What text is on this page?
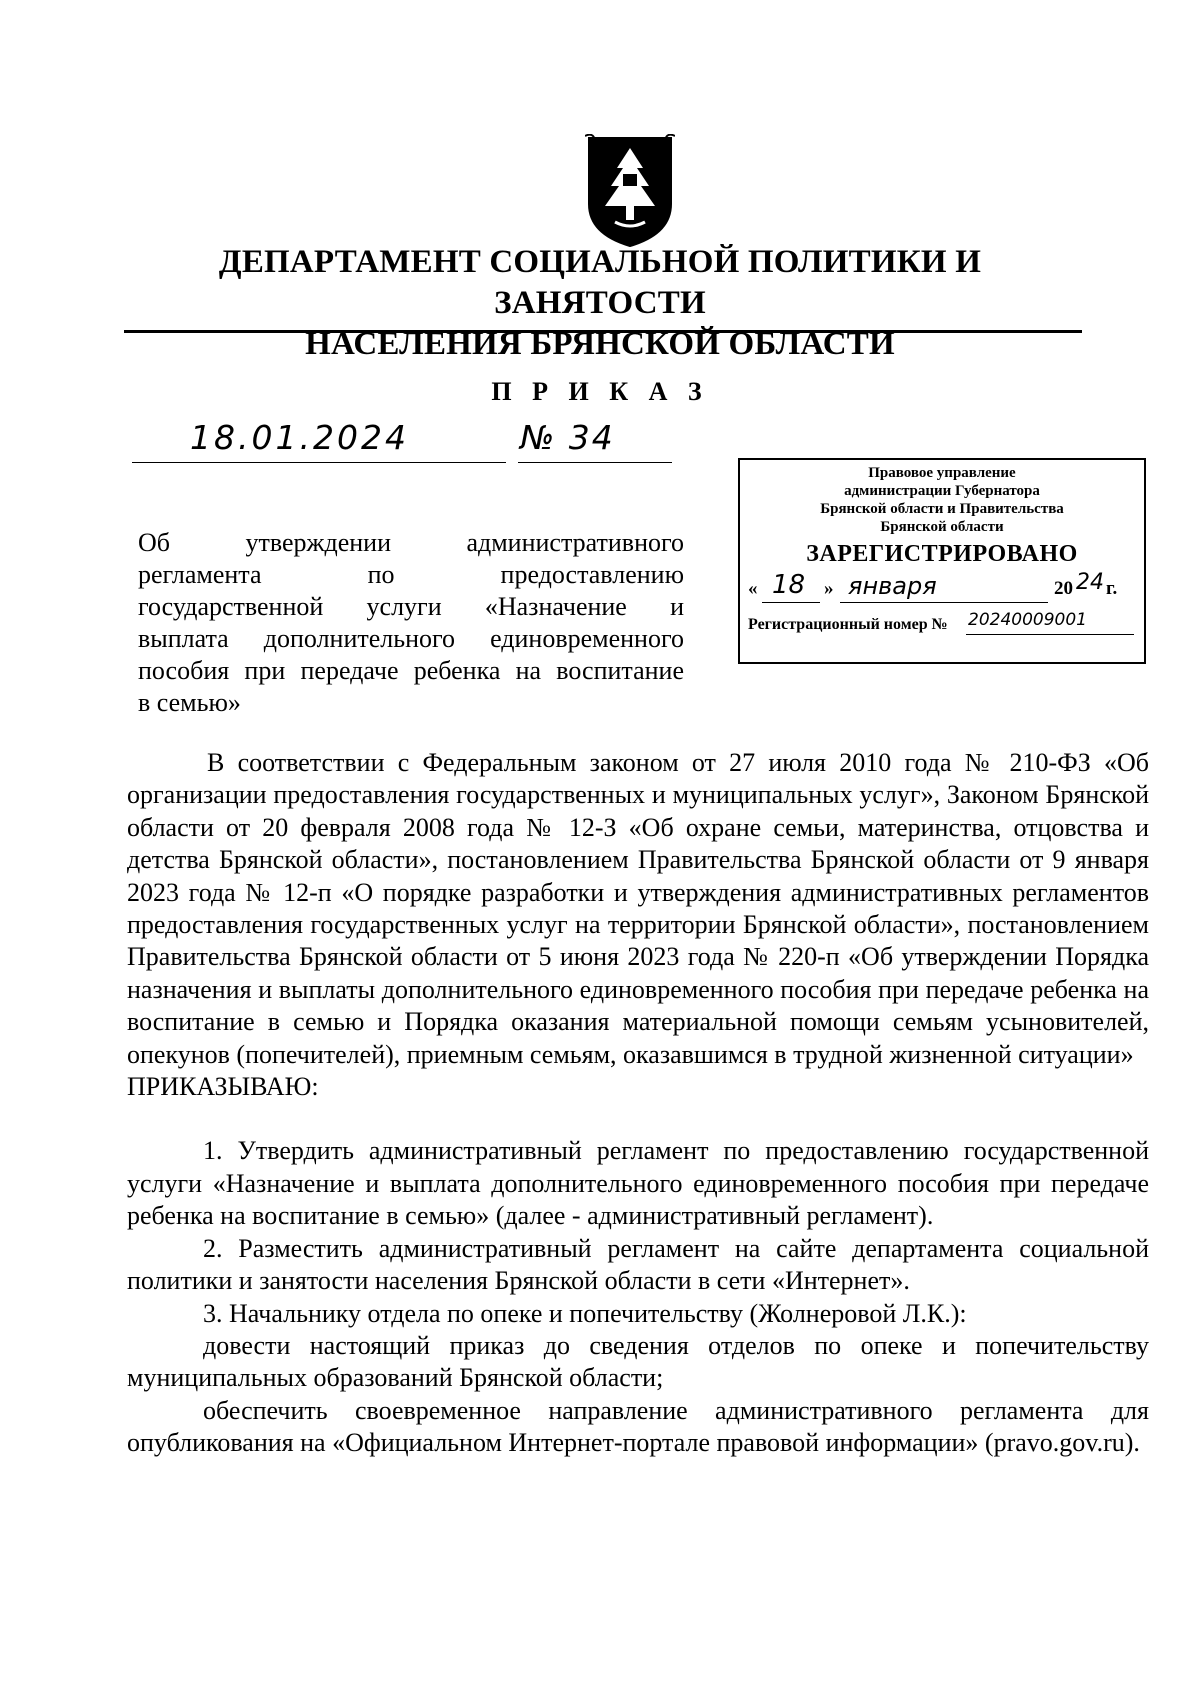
ДЕПАРТАМЕНТ СОЦИАЛЬНОЙ ПОЛИТИКИ И ЗАНЯТОСТИ
НАСЕЛЕНИЯ БРЯНСКОЙ ОБЛАСТИ
П Р И К А З
18.01.2024	№ 34
Правовое управление
администрации Губернатора
Брянской области и Правительства
Брянской области
ЗАРЕГИСТРИРОВАНО
« 18 » января	20 24 г.
Регистрационный номер № 20240009001
Об утверждении административного
регламента по предоставлению
государственной услуги «Назначение и
выплата дополнительного единовременного
пособия при передаче ребенка на воспитание
в семью»

В соответствии с Федеральным законом от 27 июля 2010 года № 210-ФЗ «Об организации предоставления государственных и муниципальных услуг», Законом Брянской области от 20 февраля 2008 года № 12-З «Об охране семьи, материнства, отцовства и детства Брянской области», постановлением Правительства Брянской области от 9 января 2023 года № 12-п «О порядке разработки и утверждения административных регламентов предоставления государственных услуг на территории Брянской области», постановлением Правительства Брянской области от 5 июня 2023 года № 220-п «Об утверждении Порядка назначения и выплаты дополнительного единовременного пособия при передаче ребенка на воспитание в семью и Порядка оказания материальной помощи семьям усыновителей, опекунов (попечителей), приемным семьям, оказавшимся в трудной жизненной ситуации»

ПРИКАЗЫВАЮ:

1. Утвердить административный регламент по предоставлению государственной услуги «Назначение и выплата дополнительного единовременного пособия при передаче ребенка на воспитание в семью» (далее - административный регламент).

2. Разместить административный регламент на сайте департамента социальной политики и занятости населения Брянской области в сети «Интернет».

3. Начальнику отдела по опеке и попечительству (Жолнеровой Л.К.):

довести настоящий приказ до сведения отделов по опеке и попечительству муниципальных образований Брянской области;

обеспечить своевременное направление административного регламента для опубликования на «Официальном Интернет-портале правовой информации» (pravo.gov.ru).
